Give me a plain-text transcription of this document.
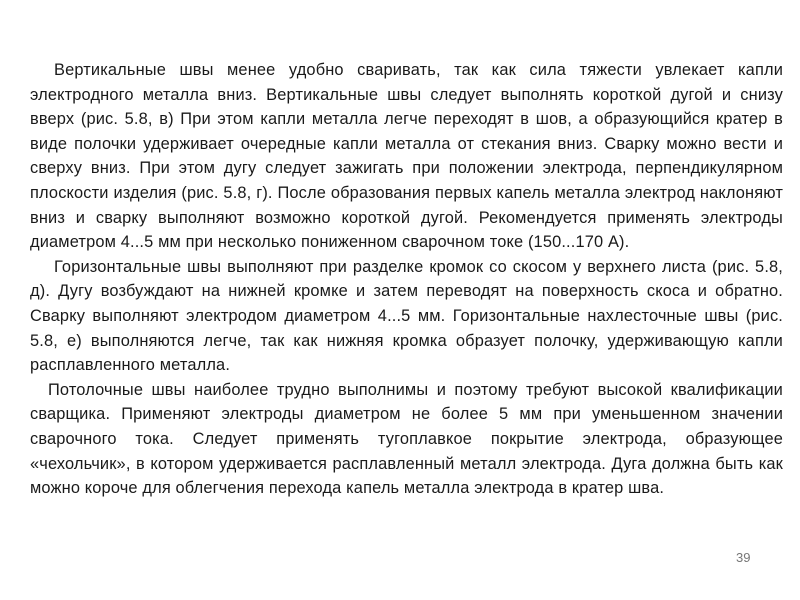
Вертикальные швы менее удобно сваривать, так как сила тяжести увлекает капли электродного металла вниз. Вертикальные швы следует выполнять короткой дугой и снизу вверх (рис. 5.8, в) При этом капли металла легче переходят в шов, а образующийся кратер в виде полочки удерживает очередные капли металла от стекания вниз. Сварку можно вести и сверху вниз. При этом дугу следует зажигать при положении электрода, перпендикулярном плоскости изделия (рис. 5.8, г). После образования первых капель металла электрод наклоняют вниз и сварку выполняют возможно короткой дугой. Рекомендуется применять электроды диаметром 4...5 мм при несколько пониженном сварочном токе (150...170 А).

Горизонтальные швы выполняют при разделке кромок со скосом у верхнего листа (рис. 5.8, д). Дугу возбуждают на нижней кромке и затем переводят на поверхность скоса и обратно. Сварку выполняют электродом диаметром 4...5 мм. Горизонтальные нахлесточные швы (рис. 5.8, е) выполняются легче, так как нижняя кромка образует полочку, удерживающую капли расплавленного металла.

Потолочные швы наиболее трудно выполнимы и поэтому требуют высокой квалификации сварщика. Применяют электроды диаметром не более 5 мм при уменьшенном значении сварочного тока. Следует применять тугоплавкое покрытие электрода, образующее «чехольчик», в котором удерживается расплавленный металл электрода. Дуга должна быть как можно короче для облегчения перехода капель металла электрода в кратер шва.

39
